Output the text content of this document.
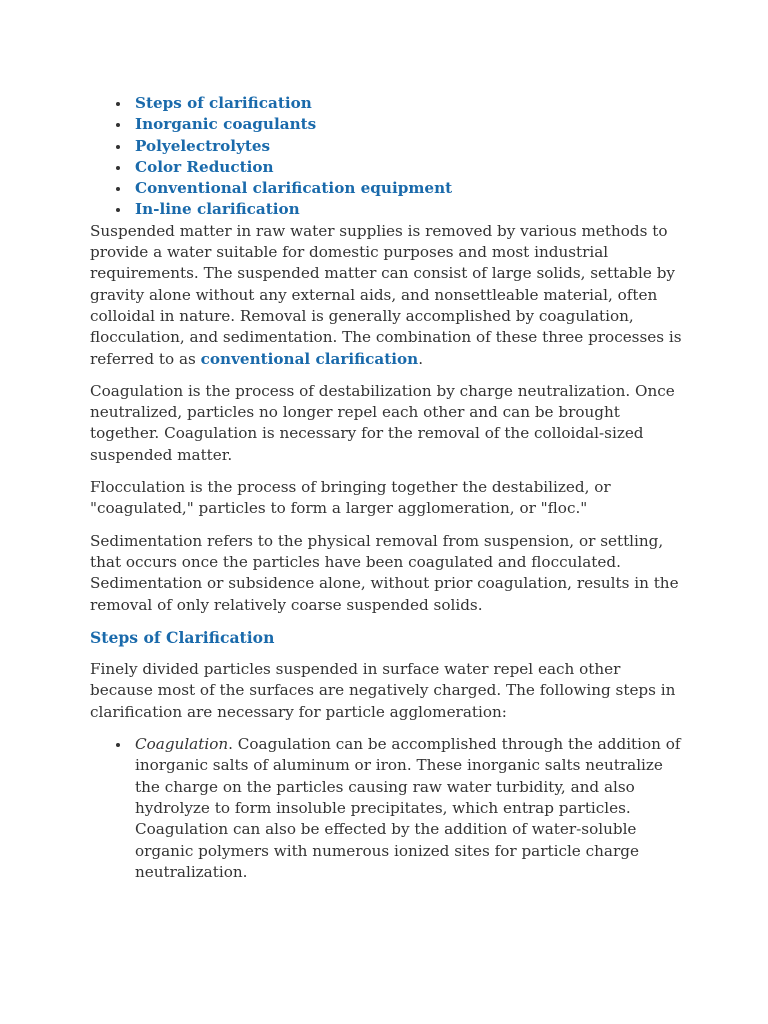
Steps of clarification
Inorganic coagulants
Polyelectrolytes
Color Reduction
Conventional clarification equipment
In-line clarification

Suspended matter in raw water supplies is removed by various methods to provide a water suitable for domestic purposes and most industrial requirements. The suspended matter can consist of large solids, settable by gravity alone without any external aids, and nonsettleable material, often colloidal in nature. Removal is generally accomplished by coagulation, flocculation, and sedimentation. The combination of these three processes is referred to as conventional clarification.

Coagulation is the process of destabilization by charge neutralization. Once neutralized, particles no longer repel each other and can be brought together. Coagulation is necessary for the removal of the colloidal-sized suspended matter.

Flocculation is the process of bringing together the destabilized, or "coagulated," particles to form a larger agglomeration, or "floc."

Sedimentation refers to the physical removal from suspension, or settling, that occurs once the particles have been coagulated and flocculated. Sedimentation or subsidence alone, without prior coagulation, results in the removal of only relatively coarse suspended solids.

Steps of Clarification

Finely divided particles suspended in surface water repel each other because most of the surfaces are negatively charged. The following steps in clarification are necessary for particle agglomeration:

Coagulation. Coagulation can be accomplished through the addition of inorganic salts of aluminum or iron. These inorganic salts neutralize the charge on the particles causing raw water turbidity, and also hydrolyze to form insoluble precipitates, which entrap particles. Coagulation can also be effected by the addition of water-soluble organic polymers with numerous ionized sites for particle charge neutralization.
